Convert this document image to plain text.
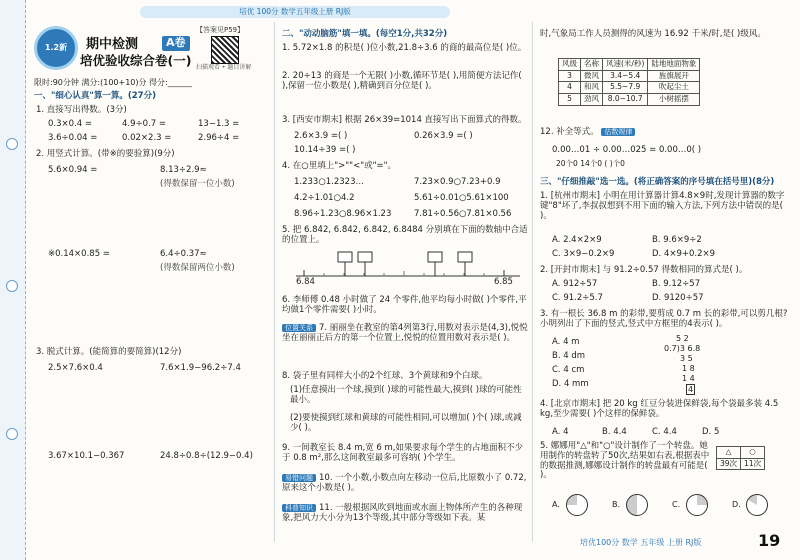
培优 100分 数学五年级上册 RJ版
1.2新	期中检测	A卷
培优验收综合卷(一)
【答案见P59】
扫描观看 • 题目讲解
限时:90分钟 满分:(100+10)分 得分:______
一、"细心认真"算一算。(27分)
1. 直接写出得数。(3分)
0.3×0.4 =	4.9÷0.7 =	13−1.3 =
3.6÷0.04 =	0.02×2.3 =	2.96÷4 =
2. 用竖式计算。(带※的要验算)(9分)
5.6×0.94 =	8.13÷2.9≈
(得数保留一位小数)
※0.14×0.85 =	6.4÷0.37≈
(得数保留两位小数)
3. 脱式计算。(能简算的要简算)(12分)
2.5×7.6×0.4	7.6×1.9−96.2÷7.4
3.67×10.1−0.367	24.8÷0.8÷(12.9−0.4)
二、"动动脑筋"填一填。(每空1分,共32分)
1. 5.72×1.8 的积是( )位小数,21.8÷3.6 的商的最高位是( )位。
2. 20÷13 的商是一个无限( )小数,循环节是( ),用简便方法记作( ),保留一位小数是( ),精确到百分位是( )。
3. [西安市期末] 根据 26×39=1014 直接写出下面算式的得数。
2.6×3.9 =( )	0.26×3.9 =( )
10.14÷39 =( )
4. 在○里填上">""<"或"="。
1.233○1.2323…	7.23×0.9○7.23+0.9
4.2÷1.01○4.2	5.61÷0.01○5.61×100
8.96÷1.23○8.96×1.23	7.81÷0.56○7.81×0.56
5. 把 6.84̇2, 6.8̇42, 6.842, 6.8484 分别填在下面的数轴中合适的位置上。
6.84	6.85
6. 李师傅 0.48 小时做了 24 个零件,他平均每小时做( )个零件,平均做1个零件需要( )小时。
位置关系 7. 丽丽坐在教室的第4列第3行,用数对表示是(4,3),悦悦坐在丽丽正后方的第一个位置上,悦悦的位置用数对表示是( )。
8. 袋子里有同样大小的2个红球、3个黄球和9个白球。
(1)任意摸出一个球,摸到( )球的可能性最大,摸到( )球的可能性最小。
(2)要使摸到红球和黄球的可能性相同,可以增加( )个( )球,或减少( )。
9. 一间教室长 8.4 m,宽 6 m,如果要求每个学生的占地面积不少于 0.8 m²,那么这间教室最多可容纳( )个学生。
易错问题 10. 一个小数,小数点向左移动一位后,比原数小了 0.72,原来这个小数是( )。
科普知识 11. 一般根据风吹到地面或水面上物体所产生的各种现象,把风力大小分为13个等级,其中部分等级如下表。某
时,气象局工作人员测得的风速为 16.92 千米/时,是( )级风。
风级	名称	风速(米/秒)	陆地地面物象
3	微风	3.4~5.4	旌旗展开
4	和风	5.5~7.9	吹起尘土
5	劲风	8.0~10.7	小树摇摆
12. 补全等式。 估数规律
0.00…01 ÷ 0.00…025 = 0.00…0( )
20个0 14个0 ( )个0
三、"仔细推敲"选一选。(将正确答案的序号填在括号里)(8分)
1. [杭州市期末] 小明在用计算器计算4.8×9时,发现计算器的数字键"8"坏了,李叔叔想到不用下面的输入方法,下列方法中错误的是( )。
A. 2.4×2×9	B. 9.6×9÷2
C. 3×9−0.2×9	D. 4×9+0.2×9
2. [开封市期末] 与 91.2÷0.57 得数相同的算式是( )。
A. 912÷57	B. 9.12÷57
C. 91.2÷5.7	D. 9120÷57
3. 有一根长 36.8 m 的彩带,要剪成 0.7 m 长的彩带,可以剪几根? 小明列出了下面的竖式,竖式中方框里的4表示( )。
A. 4 m
B. 4 dm
C. 4 cm
D. 4 mm
5 2
0.7)3 6.8
3 5
1 8
1 4
4
4. [北京市期末] 把 20 kg 红豆分装进保鲜袋,每个袋最多装 4.5 kg,至少需要( )个这样的保鲜袋。
A. 4	B. 4.4	C. 4.4	D. 5
5. 娜娜用"△"和"○"设计制作了一个转盘。她用制作的转盘转了50次,结果如右表,根据表中的数据推测,娜娜设计制作的转盘最有可能是( )。
△	○
39次	11次
A.	B.	C.	D.
培优100分 数学 五年级 上册 RJ版	19
